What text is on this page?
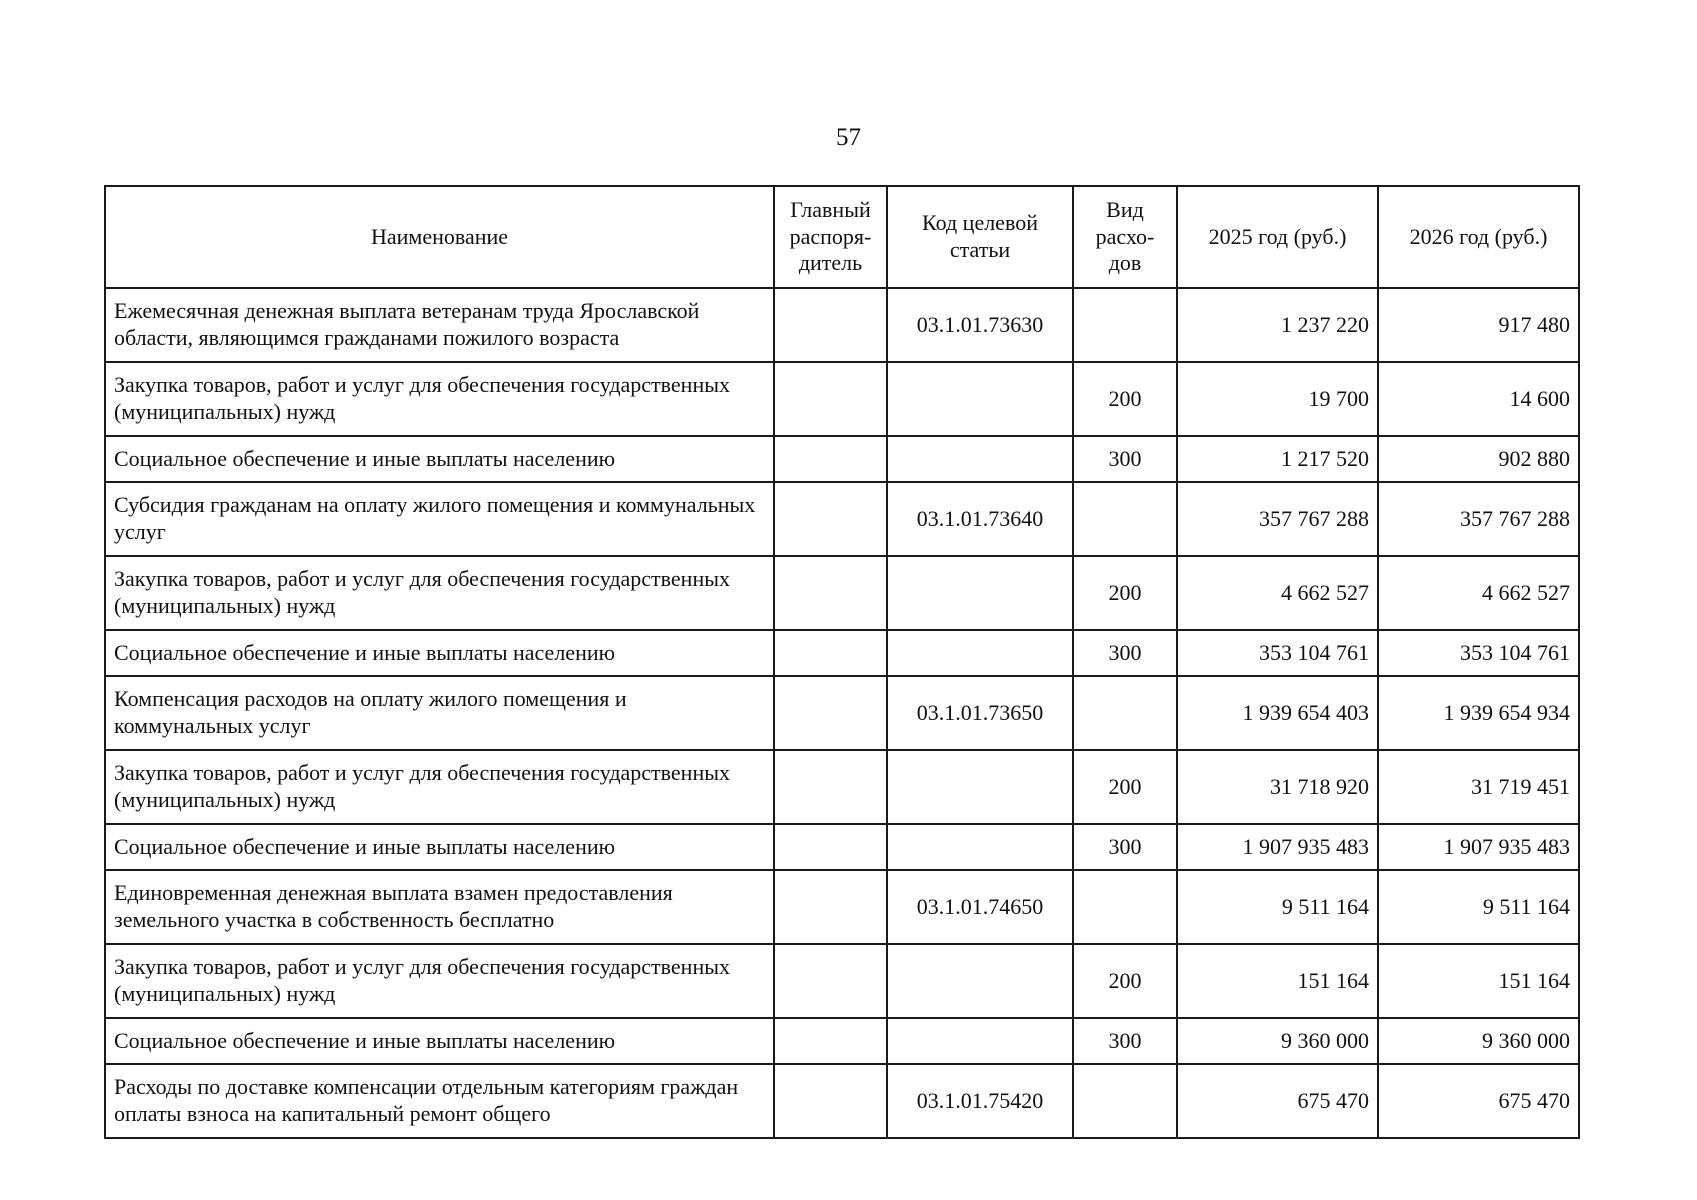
57
Наименование	Главный распоря-дитель	Код целевой статьи	Вид расхо-дов	2025 год (руб.)	2026 год (руб.)
Ежемесячная денежная выплата ветеранам труда Ярославской области, являющимся гражданами пожилого возраста		03.1.01.73630		1 237 220	917 480
Закупка товаров, работ и услуг для обеспечения государственных (муниципальных) нужд			200	19 700	14 600
Социальное обеспечение и иные выплаты населению			300	1 217 520	902 880
Субсидия гражданам на оплату жилого помещения и коммунальных услуг		03.1.01.73640		357 767 288	357 767 288
Закупка товаров, работ и услуг для обеспечения государственных (муниципальных) нужд			200	4 662 527	4 662 527
Социальное обеспечение и иные выплаты населению			300	353 104 761	353 104 761
Компенсация расходов на оплату жилого помещения и коммунальных услуг		03.1.01.73650		1 939 654 403	1 939 654 934
Закупка товаров, работ и услуг для обеспечения государственных (муниципальных) нужд			200	31 718 920	31 719 451
Социальное обеспечение и иные выплаты населению			300	1 907 935 483	1 907 935 483
Единовременная денежная выплата взамен предоставления земельного участка в собственность бесплатно		03.1.01.74650		9 511 164	9 511 164
Закупка товаров, работ и услуг для обеспечения государственных (муниципальных) нужд			200	151 164	151 164
Социальное обеспечение и иные выплаты населению			300	9 360 000	9 360 000
Расходы по доставке компенсации отдельным категориям граждан оплаты взноса на капитальный ремонт общего		03.1.01.75420		675 470	675 470
